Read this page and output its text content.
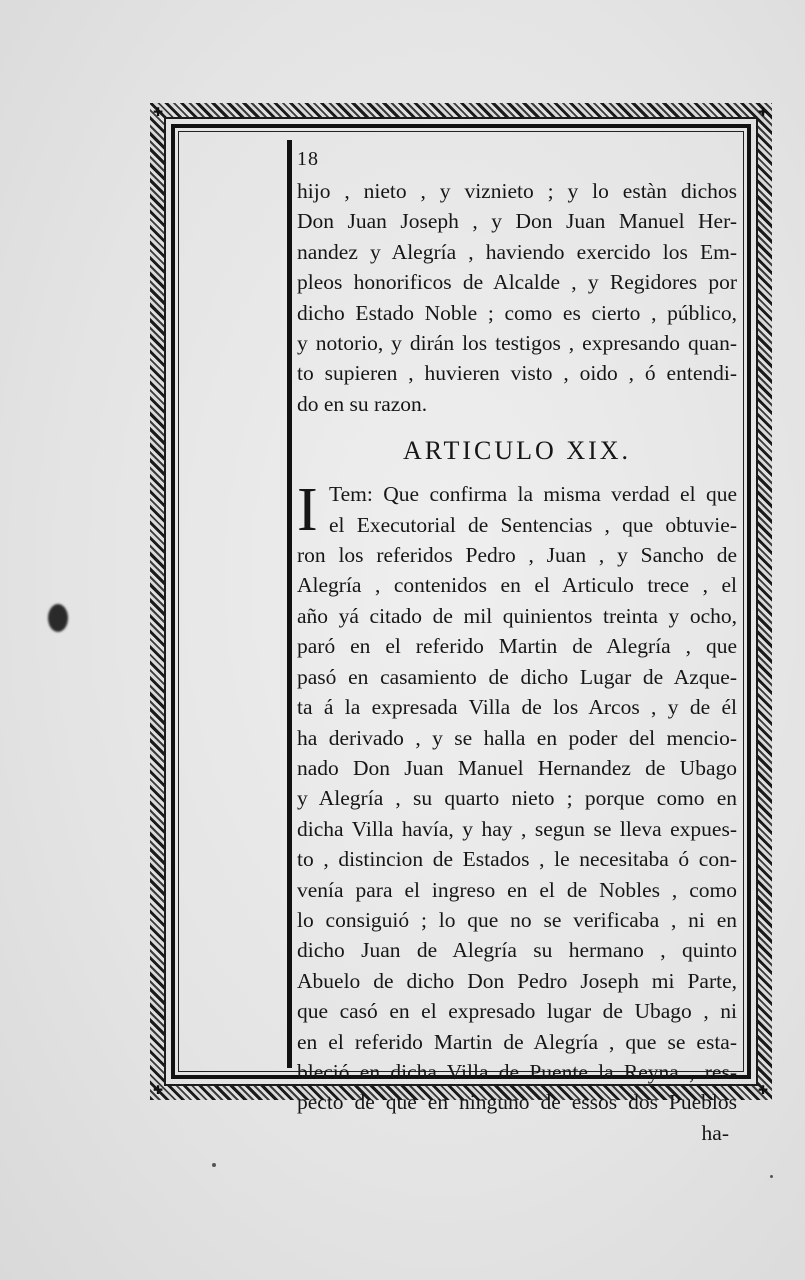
✚	✚
✚	✚
18
hijo , nieto , y viznieto ; y lo estàn dichos
Don Juan Joseph , y Don Juan Manuel Her-
nandez y Alegría , haviendo exercido los Em-
pleos honorificos de Alcalde , y Regidores por
dicho Estado Noble ; como es cierto , público,
y notorio, y dirán los testigos , expresando quan-
to supieren , huvieren visto , oido , ó entendi-
do en su razon.
ARTICULO XIX.
I Tem: Que confirma la misma verdad el que
el Executorial de Sentencias , que obtuvie-
ron los referidos Pedro , Juan , y Sancho de
Alegría , contenidos en el Articulo trece , el
año yá citado de mil quinientos treinta y ocho,
paró en el referido Martin de Alegría , que
pasó en casamiento de dicho Lugar de Azque-
ta á la expresada Villa de los Arcos , y de él
ha derivado , y se halla en poder del mencio-
nado Don Juan Manuel Hernandez de Ubago
y Alegría , su quarto nieto ; porque como en
dicha Villa havía, y hay , segun se lleva expues-
to , distincion de Estados , le necesitaba ó con-
venía para el ingreso en el de Nobles , como
lo consiguió ; lo que no se verificaba , ni en
dicho Juan de Alegría su hermano , quinto
Abuelo de dicho Don Pedro Joseph mi Parte,
que casó en el expresado lugar de Ubago , ni
en el referido Martin de Alegría , que se esta-
bleció en dicha Villa de Puente la Reyna , res-
pecto de que en ninguno de essos dos Pueblos
ha-
